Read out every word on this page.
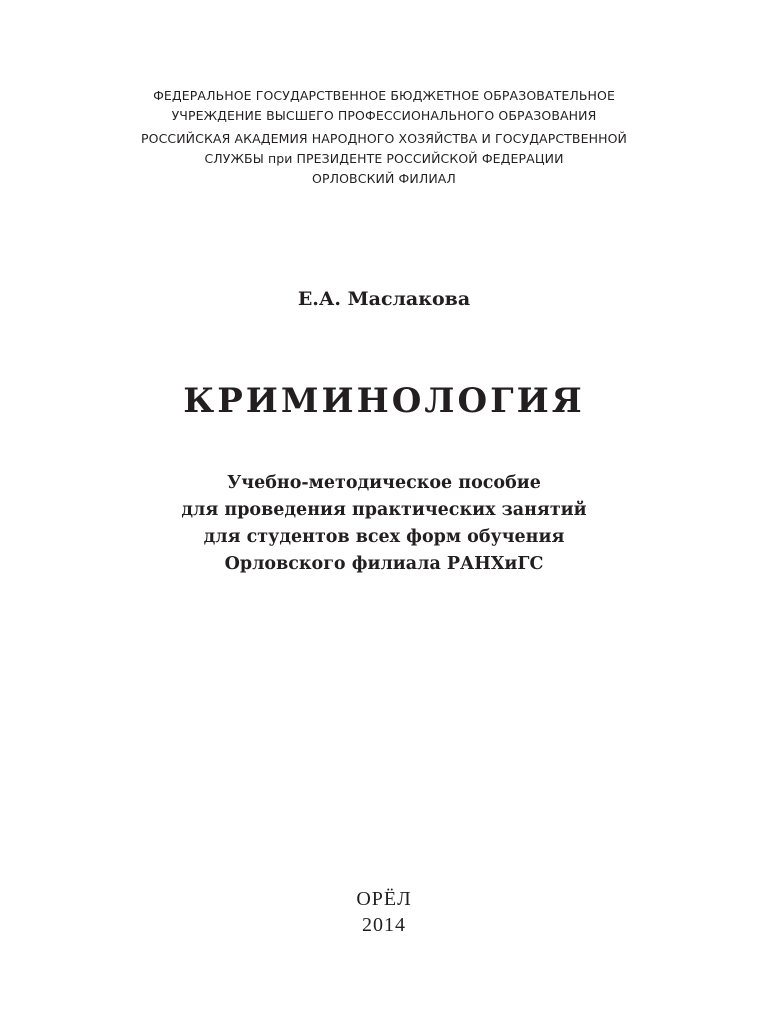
ФЕДЕРАЛЬНОЕ ГОСУДАРСТВЕННОЕ БЮДЖЕТНОЕ ОБРАЗОВАТЕЛЬНОЕ
УЧРЕЖДЕНИЕ ВЫСШЕГО ПРОФЕССИОНАЛЬНОГО ОБРАЗОВАНИЯ
РОССИЙСКАЯ АКАДЕМИЯ НАРОДНОГО ХОЗЯЙСТВА И ГОСУДАРСТВЕННОЙ
СЛУЖБЫ при ПРЕЗИДЕНТЕ РОССИЙСКОЙ ФЕДЕРАЦИИ
ОРЛОВСКИЙ ФИЛИАЛ
Е.А. Маслакова
КРИМИНОЛОГИЯ
Учебно-методическое пособие
для проведения практических занятий
для студентов всех форм обучения
Орловского филиала РАНХиГС
ОРЁЛ
2014
